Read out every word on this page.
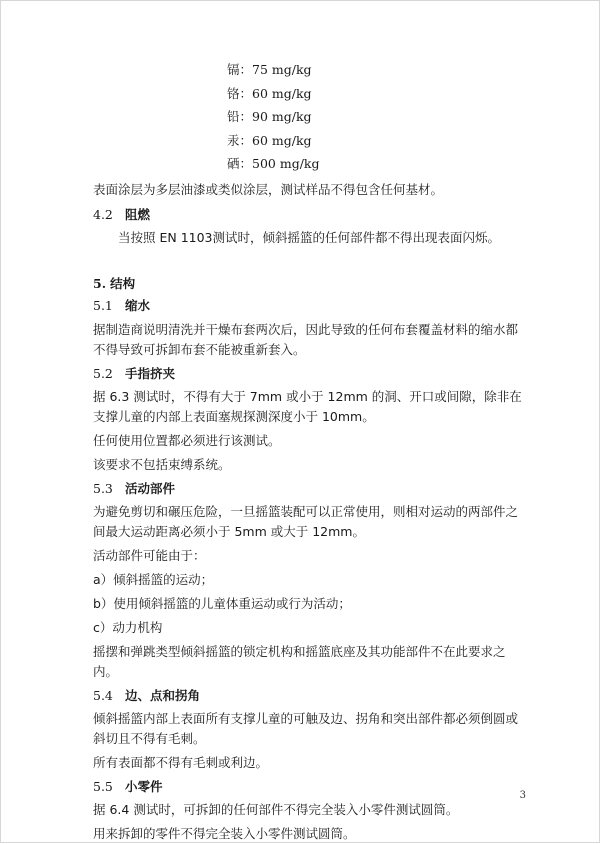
镉：75 mg/kg
铬：60 mg/kg
铅：90 mg/kg
汞：60 mg/kg
硒：500 mg/kg

表面涂层为多层油漆或类似涂层，测试样品不得包含任何基材。

4.2 阻燃

当按照 EN 1103测试时，倾斜摇篮的任何部件都不得出现表面闪烁。

5. 结构
5.1 缩水

据制造商说明清洗并干燥布套两次后，因此导致的任何布套覆盖材料的缩水都不得导致可拆卸布套不能被重新套入。

5.2 手指挤夹

据 6.3 测试时，不得有大于 7mm 或小于 12mm 的洞、开口或间隙，除非在支撑儿童的内部上表面塞规探测深度小于 10mm。

任何使用位置都必须进行该测试。

该要求不包括束缚系统。

5.3 活动部件

为避免剪切和碾压危险，一旦摇篮装配可以正常使用，则相对运动的两部件之间最大运动距离必须小于 5mm 或大于 12mm。

活动部件可能由于：

a）倾斜摇篮的运动；

b）使用倾斜摇篮的儿童体重运动或行为活动；

c）动力机构

摇摆和弹跳类型倾斜摇篮的锁定机构和摇篮底座及其功能部件不在此要求之内。

5.4 边、点和拐角

倾斜摇篮内部上表面所有支撑儿童的可触及边、拐角和突出部件都必须倒圆或斜切且不得有毛刺。

所有表面都不得有毛刺或利边。

5.5 小零件

据 6.4 测试时，可拆卸的任何部件不得完全装入小零件测试圆筒。

用来拆卸的零件不得完全装入小零件测试圆筒。

3
